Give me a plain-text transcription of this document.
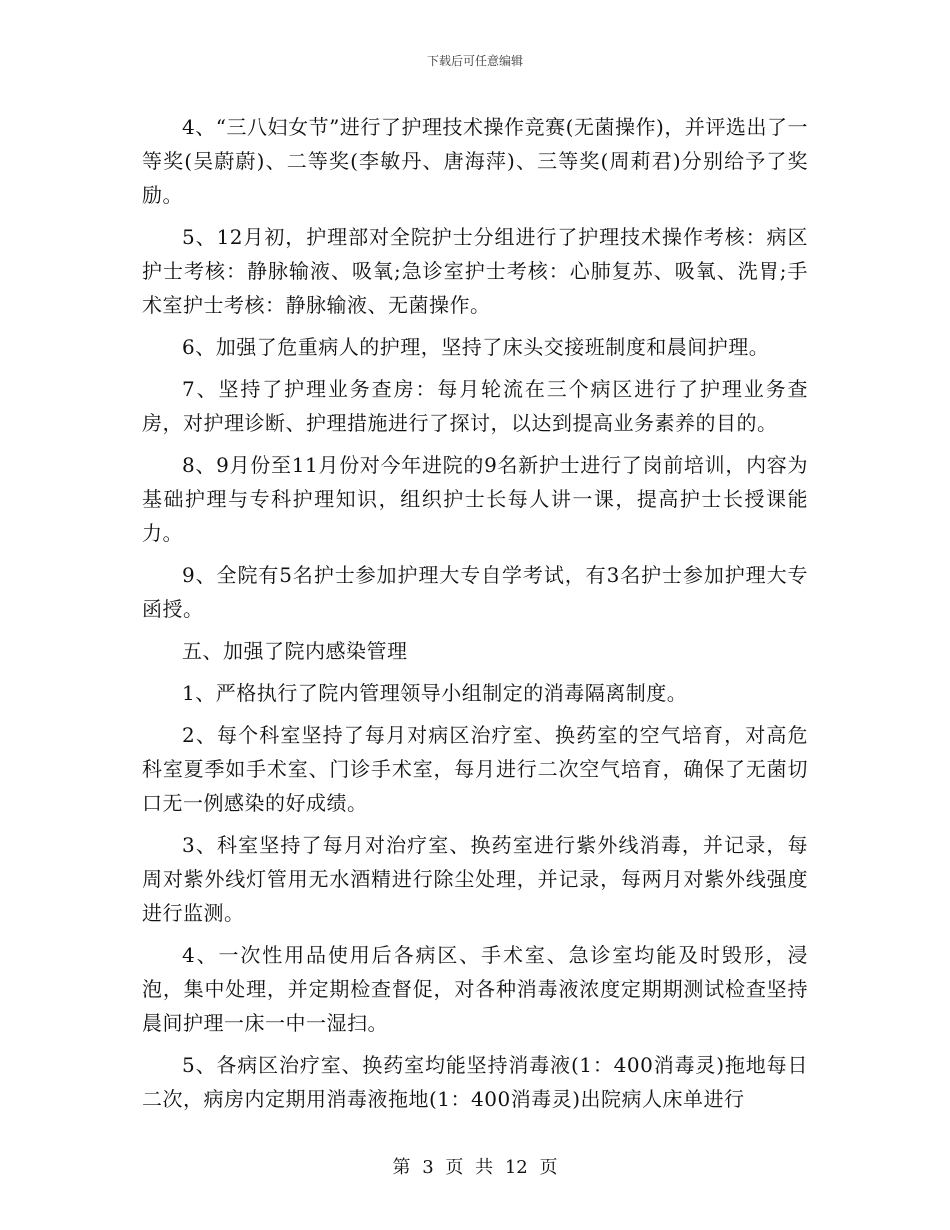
下载后可任意编辑

4、“三八妇女节”进行了护理技术操作竞赛(无菌操作)，并评选出了一等奖(吴蔚蔚)、二等奖(李敏丹、唐海萍)、三等奖(周莉君)分别给予了奖励。

5、12月初，护理部对全院护士分组进行了护理技术操作考核：病区护士考核：静脉输液、吸氧;急诊室护士考核：心肺复苏、吸氧、洗胃;手术室护士考核：静脉输液、无菌操作。

6、加强了危重病人的护理，坚持了床头交接班制度和晨间护理。

7、坚持了护理业务查房：每月轮流在三个病区进行了护理业务查房，对护理诊断、护理措施进行了探讨，以达到提高业务素养的目的。

8、9月份至11月份对今年进院的9名新护士进行了岗前培训，内容为基础护理与专科护理知识，组织护士长每人讲一课，提高护士长授课能力。

9、全院有5名护士参加护理大专自学考试，有3名护士参加护理大专函授。

五、加强了院内感染管理

1、严格执行了院内管理领导小组制定的消毒隔离制度。

2、每个科室坚持了每月对病区治疗室、换药室的空气培育，对高危科室夏季如手术室、门诊手术室，每月进行二次空气培育，确保了无菌切口无一例感染的好成绩。

3、科室坚持了每月对治疗室、换药室进行紫外线消毒，并记录，每周对紫外线灯管用无水酒精进行除尘处理，并记录，每两月对紫外线强度进行监测。

4、一次性用品使用后各病区、手术室、急诊室均能及时毁形，浸泡，集中处理，并定期检查督促，对各种消毒液浓度定期期测试检查坚持晨间护理一床一中一湿扫。

5、各病区治疗室、换药室均能坚持消毒液(1：400消毒灵)拖地每日二次，病房内定期用消毒液拖地(1：400消毒灵)出院病人床单进行

第 3 页 共 12 页
